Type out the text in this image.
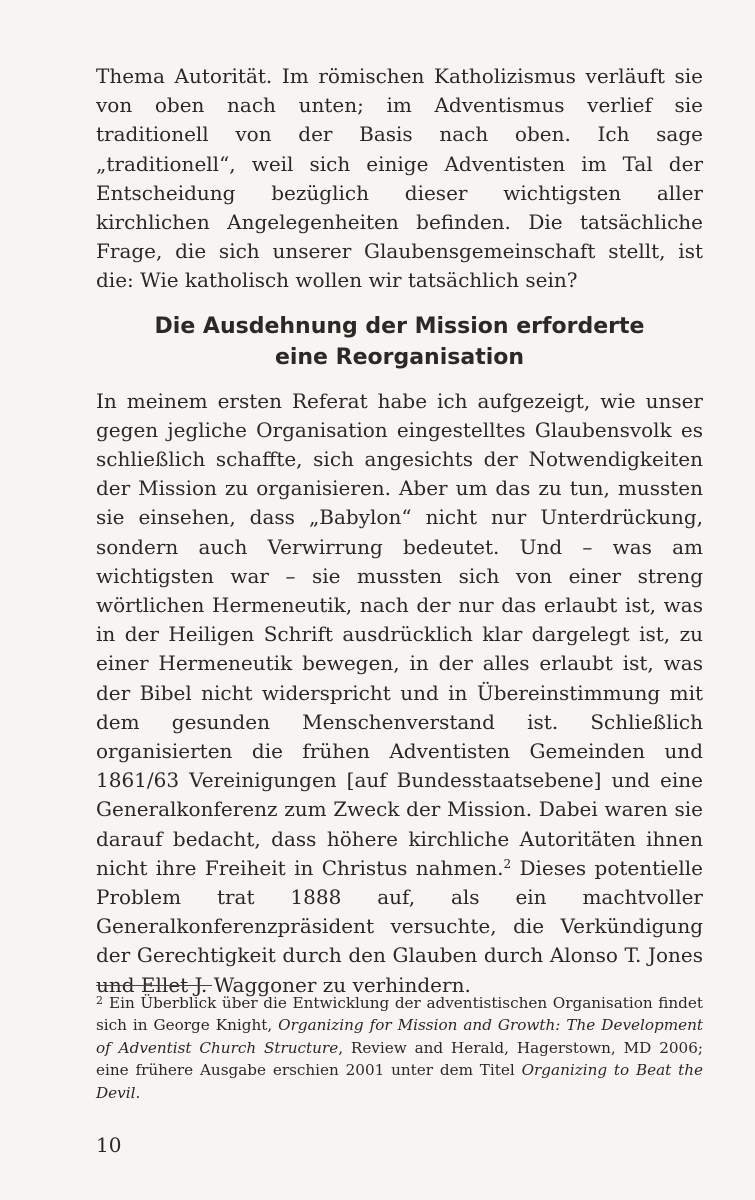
Thema Autorität. Im römischen Katholizismus verläuft sie von oben nach unten; im Adventismus verlief sie traditionell von der Basis nach oben. Ich sage „traditionell“, weil sich einige Adventisten im Tal der Entscheidung bezüglich dieser wichtigsten aller kirchlichen Angelegenheiten befinden. Die tatsächliche Frage, die sich unserer Glaubensgemeinschaft stellt, ist die: Wie katholisch wollen wir tatsächlich sein?

Die Ausdehnung der Mission erforderte
eine Reorganisation

In meinem ersten Referat habe ich aufgezeigt, wie unser gegen jegliche Organisation eingestelltes Glaubensvolk es schließlich schaffte, sich angesichts der Notwendigkeiten der Mission zu organisieren. Aber um das zu tun, mussten sie einsehen, dass „Babylon“ nicht nur Unterdrückung, sondern auch Verwirrung bedeutet. Und – was am wichtigsten war – sie mussten sich von einer streng wörtlichen Hermeneutik, nach der nur das erlaubt ist, was in der Heiligen Schrift ausdrücklich klar dargelegt ist, zu einer Hermeneutik bewegen, in der alles erlaubt ist, was der Bibel nicht widerspricht und in Übereinstimmung mit dem gesunden Menschenverstand ist. Schließlich organisierten die frühen Adventisten Gemeinden und 1861/63 Vereinigungen [auf Bundesstaatsebene] und eine Generalkonferenz zum Zweck der Mission. Dabei waren sie darauf bedacht, dass höhere kirchliche Autoritäten ihnen nicht ihre Freiheit in Christus nahmen.$^2$ Dieses potentielle Problem trat 1888 auf, als ein machtvoller Generalkonferenzpräsident versuchte, die Verkündigung der Gerechtigkeit durch den Glauben durch Alonso T. Jones und Ellet J. Waggoner zu verhindern.

$^2$ Ein Überblick über die Entwicklung der adventistischen Organisation findet sich in George Knight, Organizing for Mission and Growth: The Development of Adventist Church Structure, Review and Herald, Hagerstown, MD 2006; eine frühere Ausgabe erschien 2001 unter dem Titel Organizing to Beat the Devil.

10
